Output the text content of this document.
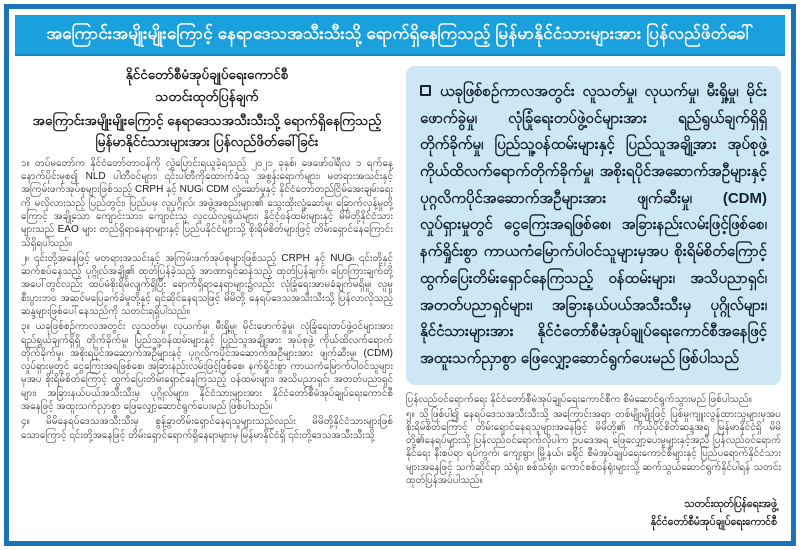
အကြောင်းအမျိုးမျိုးကြောင့် နေရာဒေသအသီးသီးသို့ ရောက်ရှိနေကြသည့် မြန်မာနိုင်ငံသားများအား ပြန်လည်ဖိတ်ခေါ်
နိုင်ငံတော်စီမံအုပ်ချုပ်ရေးကောင်စီ
သတင်းထုတ်ပြန်ချက်
အကြောင်းအမျိုးမျိုးကြောင့် နေရာဒေသအသီးသီးသို့ ရောက်ရှိနေကြသည့် မြန်မာနိုင်ငံသားများအား ပြန်လည်ဖိတ်ခေါ်ခြင်း

၁။ တပ်မတော်က နိုင်ငံတော်တာဝန်ကို လွှဲပြောင်းရယူခဲ့ရသည့် ၂၀၂၁ ခုနှစ်၊ ဖေဖော်ဝါရီလ ၁ ရက်နေ့ နောက်ပိုင်းမှစ၍ NLD ပါတီဝင်များ၊ ၎င်းပါတီကိုထောက်ခံသူ အစွန်းရောက်များ၊ မတရားအသင်းနှင့် အကြမ်းဖက်အုပ်စုများဖြစ်သည့် CRPH နှင့် NUG၊ CDM လှုံ့ဆော်မှုနှင့် နိုင်ငံတော်တည်ငြိမ်အေးချမ်းရေးကို မလိုလားသည့် ပြည်တွင်း၊ ပြည်ပမှ လူပုဂ္ဂိုလ်၊ အဖွဲ့အစည်းများ၏ သွေးထိုးလှုံ့ဆော်မှု၊ ခြောက်လှန့်မှုတို့ကြောင့် အချို့သော ကျောင်းသား၊ ကျောင်းသူ လူငယ်လူရွယ်များ၊ နိုင်ငံ့ဝန်ထမ်းများနှင့် မိမိတို့နိုင်ငံသားများသည် EAO များ တည်ရှိရာနေရာများနှင့် ပြည်ပနိုင်ငံများသို့ စိုးရိမ်စိတ်များဖြင့် တိမ်းရှောင်နေကြောင်း သိရှိရပါသည်။

၂။ ၎င်းတို့အနေဖြင့် မတရားအသင်းနှင့် အကြမ်းဖက်အုပ်စုများဖြစ်သည့် CRPH နှင့် NUG၊ ၎င်းတို့နှင့် ဆက်စပ်နေသည့် ပုဂ္ဂိုလ်အချို့၏ ထုတ်ပြန်ခဲ့သည့် အာဏာရှင်ဆန်သည့် ထုတ်ပြန်ချက်၊ ပြောကြားချက်တို့အပေါ်တွင်လည်း ထပ်မံစိုးရိမ်လျက်ရှိပြီး ရောက်ရှိရာနေရာများ၌လည်း လုံခြုံရေးအာမခံချက်မရှိမှု၊ လူမှုစီးပွားဘဝ အဆင်မပြေခက်ခဲမှုတို့နှင့် ရင်ဆိုင်နေရသဖြင့် မိမိတို့ နေရပ်ဒေသအသီးသီးသို့ ပြန်လာလိုသည့် ဆန္ဒများဖြစ်ပေါ်နေသည်ကို သတင်းရရှိပါသည်။

၃။ ယခုဖြစ်စဉ်ကာလအတွင်း လူသတ်မှု၊ လုယက်မှု၊ မီးရှို့မှု၊ မိုင်းဖောက်ခွဲမှု၊ လုံခြုံရေးတပ်ဖွဲ့ဝင်များအား ရည်ရွယ်ချက်ရှိရှိ တိုက်ခိုက်မှု၊ ပြည်သူ့ဝန်ထမ်းများနှင့် ပြည်သူအချို့အား အုပ်စုဖွဲ့ ကိုယ်ထိလက်ရောက်တိုက်ခိုက်မှု၊ အစိုးရပိုင်အဆောက်အဦများနှင့် ပုဂ္ဂလိကပိုင်အဆောက်အဦများအား ဖျက်ဆီးမှု၊ (CDM) လှုပ်ရှားမှုတွင် ငွေကြေးအရဖြစ်စေ၊ အခြားနည်းလမ်းဖြင့်ဖြစ်စေ၊ နက်ရှိုင်းစွာ ကာယကံမြောက်ပါဝင်သူများမှအပ စိုးရိမ်စိတ်ကြောင့် ထွက်ပြေးတိမ်းရှောင်နေကြသည့် ဝန်ထမ်းများ၊ အသိပညာရှင်၊ အတတ်ပညာရှင်များ၊ အခြားနယ်ပယ်အသီးသီးမှ ပုဂ္ဂိုလ်များ၊ နိုင်ငံသားများအား နိုင်ငံတော်စီမံအုပ်ချုပ်ရေးကောင်စီအနေဖြင့် အထူးသက်ညှာစွာ ဖြေလျှော့ဆောင်ရွက်ပေးမည် ဖြစ်ပါသည်။

၄။ မိမိနေရပ်ဒေသအသီးသီးမှ စွန့်ခွာတိမ်းရှောင်နေရသူများသည်လည်း မိမိတို့နိုင်ငံသားများဖြစ်သောကြောင့် ၎င်းတို့အနေဖြင့် တိမ်းရှောင်ရောက်ရှိနေရာများမှ မြန်မာနိုင်ငံရှိ ၎င်းတို့ဒေသအသီးသီးသို့

ယခုဖြစ်စဉ်ကာလအတွင်း လူသတ်မှု၊ လုယက်မှု၊ မီးရှို့မှု၊ မိုင်းဖောက်ခွဲမှု၊ လုံခြုံရေးတပ်ဖွဲ့ဝင်များအား ရည်ရွယ်ချက်ရှိရှိ တိုက်ခိုက်မှု၊ ပြည်သူ့ဝန်ထမ်းများနှင့် ပြည်သူအချို့အား အုပ်စုဖွဲ့ ကိုယ်ထိလက်ရောက်တိုက်ခိုက်မှု၊ အစိုးရပိုင်အဆောက်အဦများနှင့် ပုဂ္ဂလိကပိုင်အဆောက်အဦများအား ဖျက်ဆီးမှု၊ (CDM) လှုပ်ရှားမှုတွင် ငွေကြေးအရဖြစ်စေ၊ အခြားနည်းလမ်းဖြင့်ဖြစ်စေ၊ နက်ရှိုင်းစွာ ကာယကံမြောက်ပါဝင်သူများမှအပ စိုးရိမ်စိတ်ကြောင့် ထွက်ပြေးတိမ်းရှောင်နေကြသည့် ဝန်ထမ်းများ၊ အသိပညာရှင်၊ အတတ်ပညာရှင်များ၊ အခြားနယ်ပယ်အသီးသီးမှ ပုဂ္ဂိုလ်များ၊ နိုင်ငံသားများအား နိုင်ငံတော်စီမံအုပ်ချုပ်ရေးကောင်စီအနေဖြင့် အထူးသက်ညှာစွာ ဖြေလျှော့ဆောင်ရွက်ပေးမည် ဖြစ်ပါသည်

ပြန်လည်ဝင်ရောက်ရေး နိုင်ငံတော်စီမံအုပ်ချုပ်ရေးကောင်စီက စီမံဆောင်ရွက်သွားမည် ဖြစ်ပါသည်။

၅။ သို့ဖြစ်ပါ၍ နေရပ်ဒေသအသီးသီးသို့ အကြောင်းအရာ တစ်မျိုးမျိုးဖြင့် ပြစ်မှုကျူးလွန်ထားသူများမှအပ စိုးရိမ်စိတ်ကြောင့် တိမ်းရှောင်နေရသူများအနေဖြင့် မိမိတို့၏ ကိုယ်ပိုင်စိတ်ဆန္ဒအရ မြန်မာနိုင်ငံရှိ မိမိတို့၏နေရပ်များသို့ ပြန်လည်ဝင်ရောက်လိုပါက ဥပဒေအရ ဖြေလျှော့ပေးမှုများနှင့်အညီ ပြန်လည်ဝင်ရောက်နိုင်ရေး နီးစပ်ရာ ရပ်ကွက်၊ ကျေးရွာ၊ မြို့နယ်၊ ခရိုင် စီမံအုပ်ချုပ်ရေးကောင်စီများနှင့် ပြည်ပရောက်နိုင်ငံသားများအနေဖြင့် သက်ဆိုင်ရာ သံရုံး၊ စစ်သံရုံး၊ ကောင်စစ်ဝန်ရုံးများသို့ ဆက်သွယ်ဆောင်ရွက်နိုင်ပါရန် သတင်းထုတ်ပြန်အပ်ပါသည်။

သတင်းထုတ်ပြန်ရေးအဖွဲ့
နိုင်ငံတော်စီမံအုပ်ချုပ်ရေးကောင်စီ
